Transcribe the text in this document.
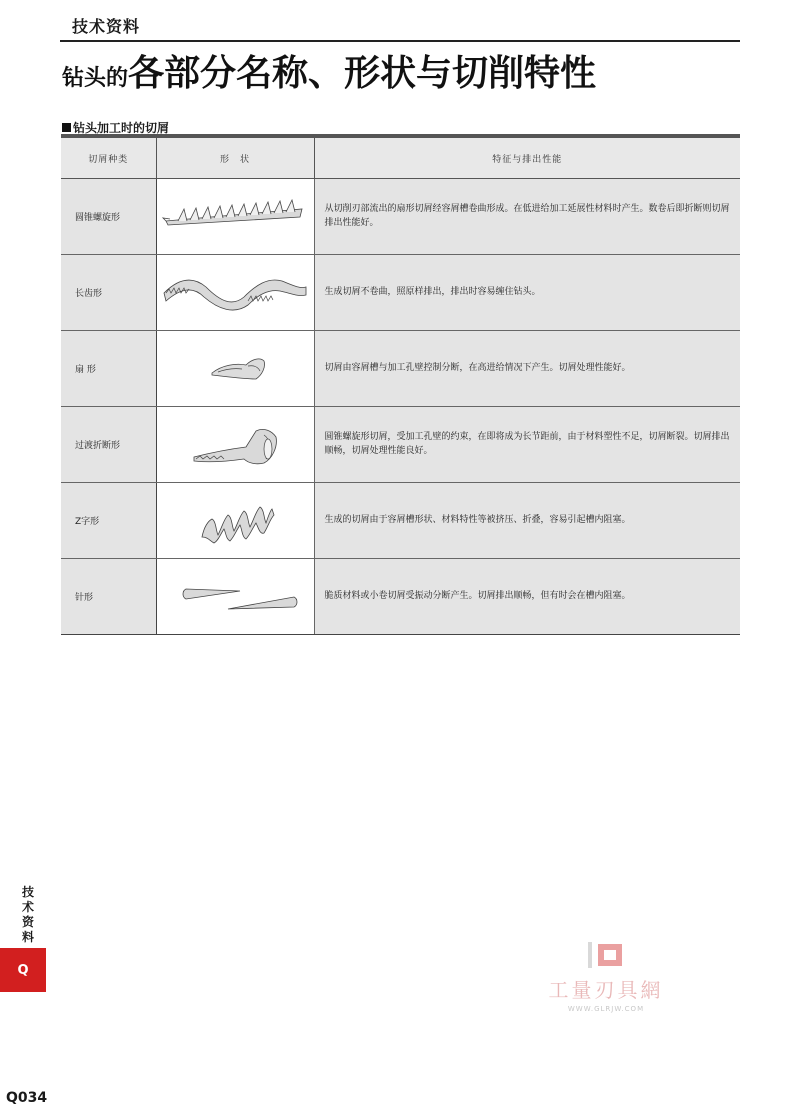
技术资料
钻头的各部分名称、形状与切削特性
钻头加工时的切屑
切屑种类	形　状	特征与排出性能
圆锥螺旋形		从切削刃部流出的扇形切屑经容屑槽卷曲形成。在低进给加工延展性材料时产生。数卷后即折断则切屑排出性能好。
长齿形		生成切屑不卷曲，照原样排出，排出时容易缠住钻头。
扇 形		切屑由容屑槽与加工孔壁控制分断，在高进给情况下产生。切屑处理性能好。
过渡折断形		圆锥螺旋形切屑，受加工孔壁的约束，在即将成为长节距前，由于材料塑性不足，切屑断裂。切屑排出顺畅，切屑处理性能良好。
Z字形		生成的切屑由于容屑槽形状、材料特性等被挤压、折叠，容易引起槽内阻塞。
针形		脆质材料或小卷切屑受振动分断产生。切屑排出顺畅，但有时会在槽内阻塞。
技术资料
Q
工量刃具網
WWW.GLRJW.COM
Q034
